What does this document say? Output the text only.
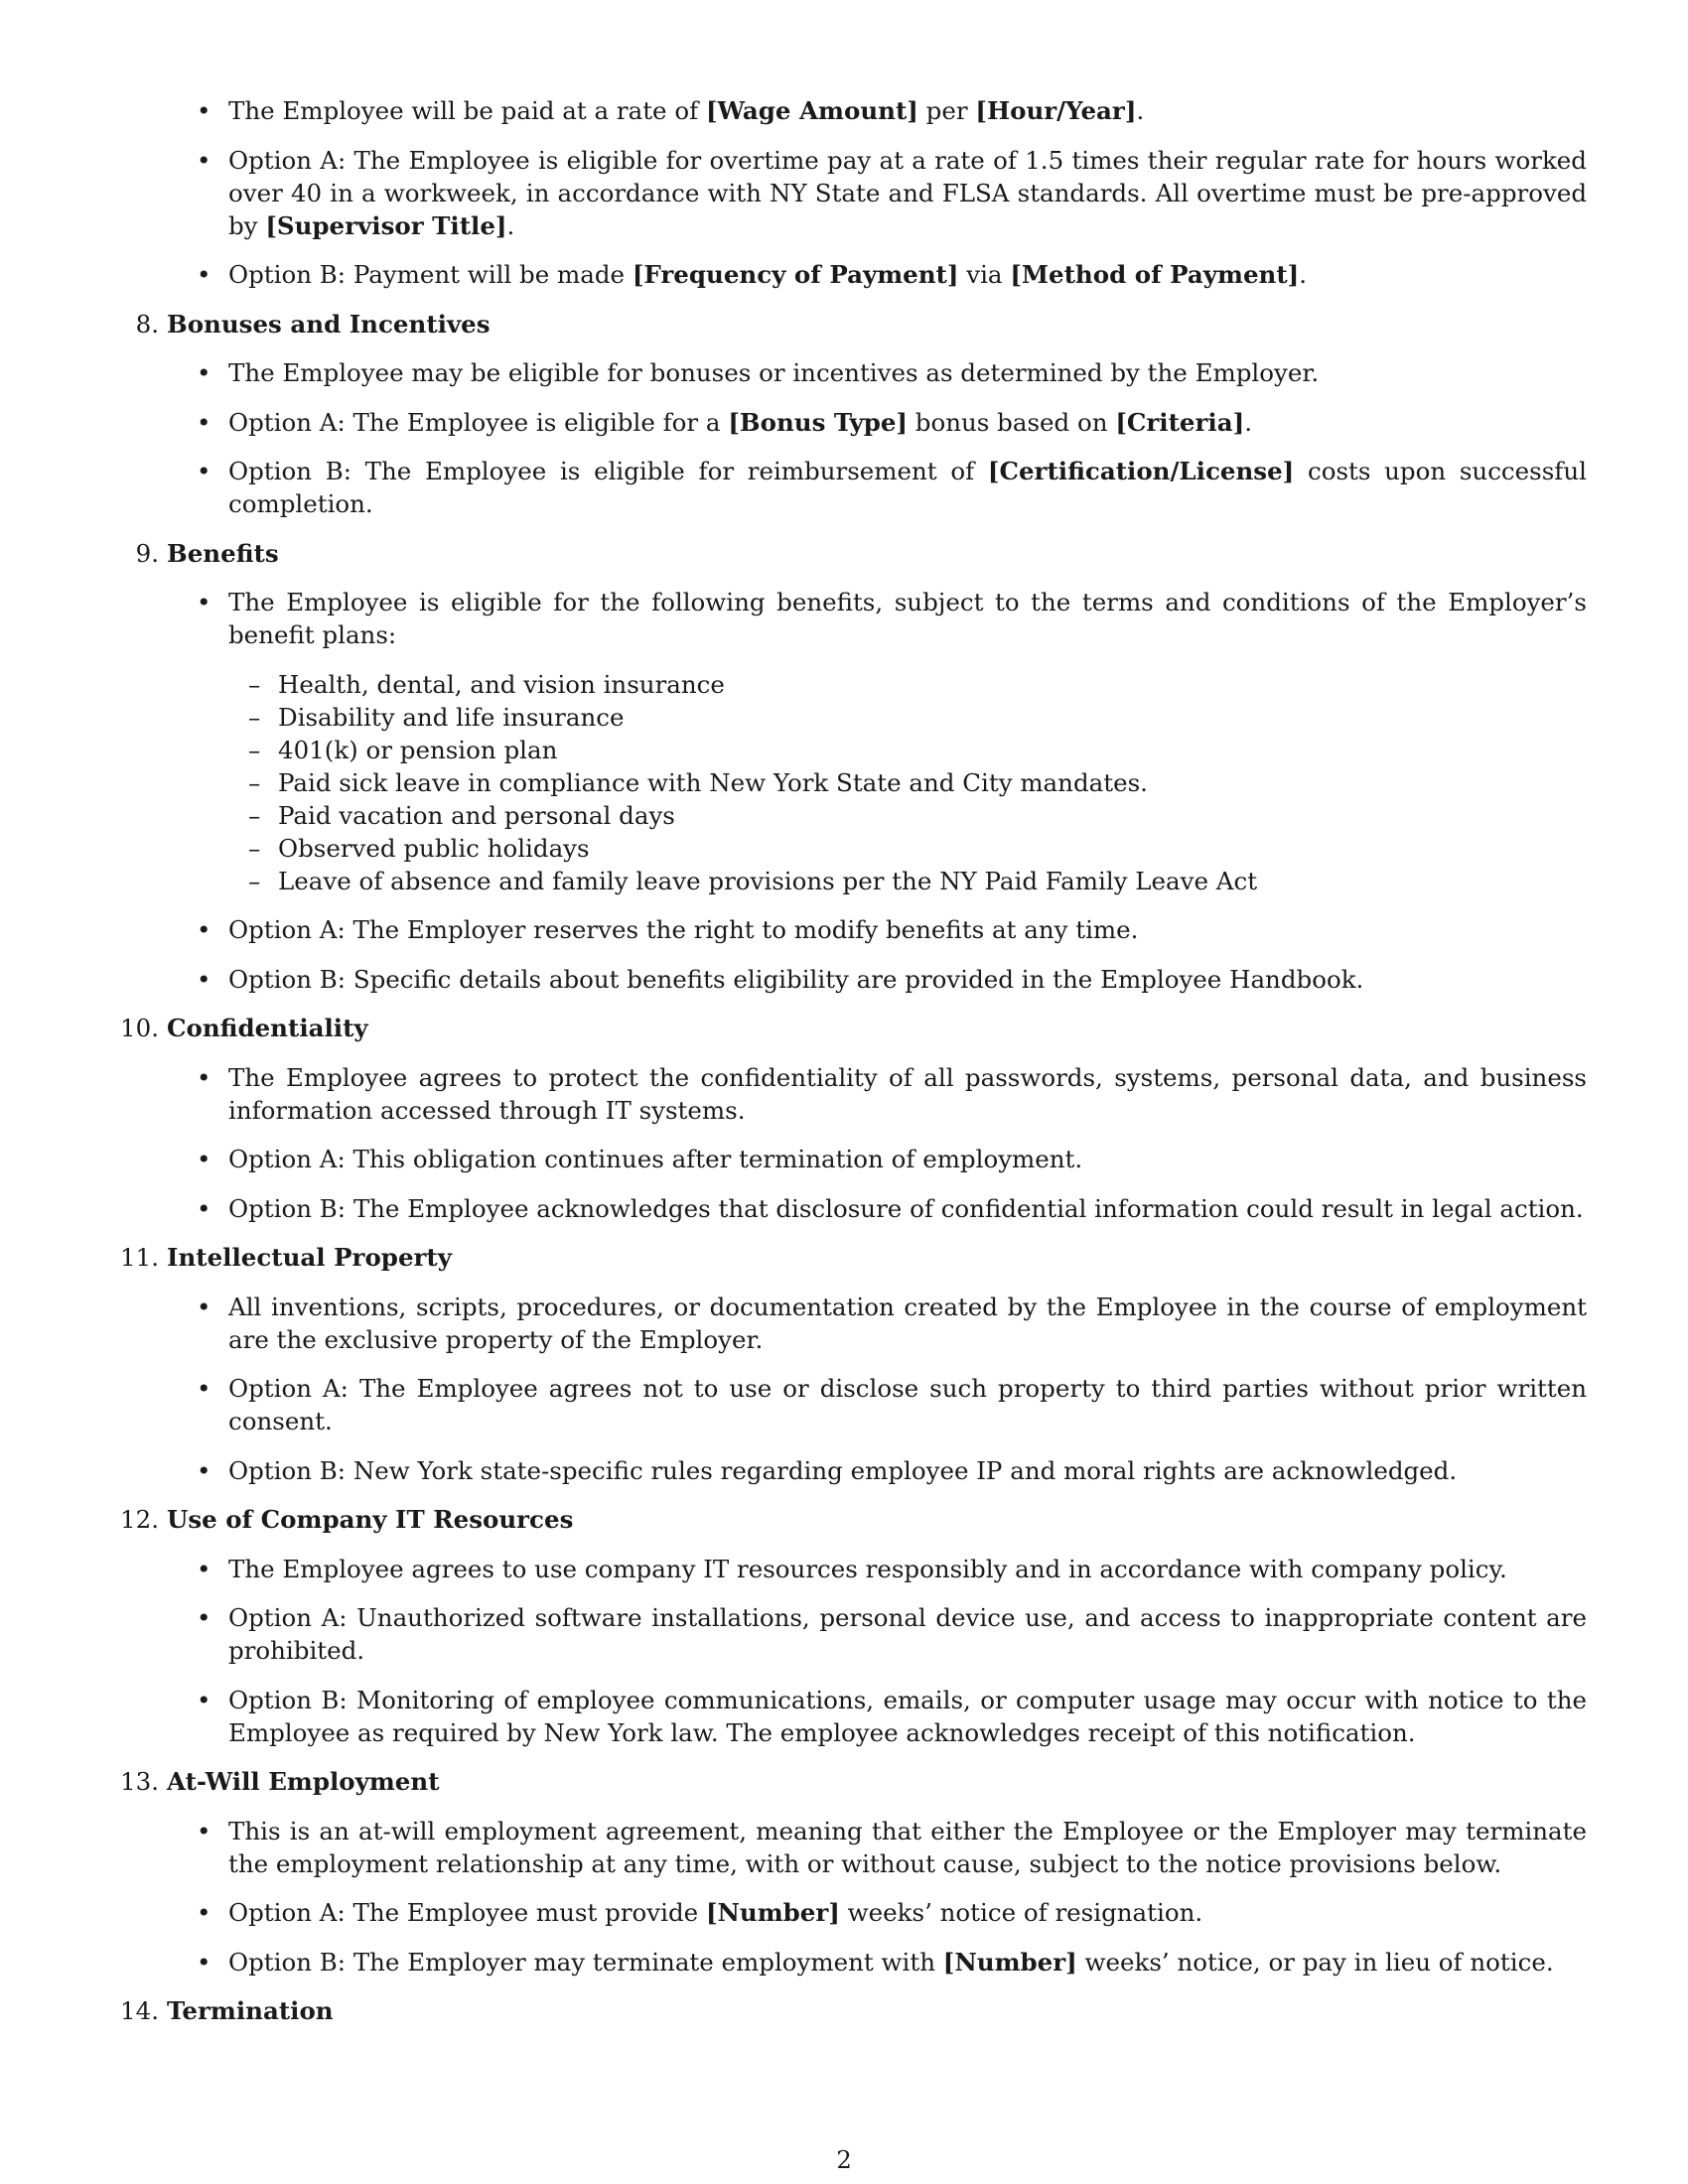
• The Employee will be paid at a rate of [Wage Amount] per [Hour/Year].
• Option A: The Employee is eligible for overtime pay at a rate of 1.5 times their regular rate for hours worked over 40 in a workweek, in accordance with NY State and FLSA standards. All overtime must be pre-approved by [Supervisor Title].
• Option B: Payment will be made [Frequency of Payment] via [Method of Payment].
8. Bonuses and Incentives
• The Employee may be eligible for bonuses or incentives as determined by the Employer.
• Option A: The Employee is eligible for a [Bonus Type] bonus based on [Criteria].
• Option B: The Employee is eligible for reimbursement of [Certification/License] costs upon successful completion.
9. Benefits
• The Employee is eligible for the following benefits, subject to the terms and conditions of the Employer’s benefit plans:
– Health, dental, and vision insurance
– Disability and life insurance
– 401(k) or pension plan
– Paid sick leave in compliance with New York State and City mandates.
– Paid vacation and personal days
– Observed public holidays
– Leave of absence and family leave provisions per the NY Paid Family Leave Act
• Option A: The Employer reserves the right to modify benefits at any time.
• Option B: Specific details about benefits eligibility are provided in the Employee Handbook.
10. Confidentiality
• The Employee agrees to protect the confidentiality of all passwords, systems, personal data, and business information accessed through IT systems.
• Option A: This obligation continues after termination of employment.
• Option B: The Employee acknowledges that disclosure of confidential information could result in legal action.
11. Intellectual Property
• All inventions, scripts, procedures, or documentation created by the Employee in the course of employment are the exclusive property of the Employer.
• Option A: The Employee agrees not to use or disclose such property to third parties without prior written consent.
• Option B: New York state-specific rules regarding employee IP and moral rights are acknowledged.
12. Use of Company IT Resources
• The Employee agrees to use company IT resources responsibly and in accordance with company policy.
• Option A: Unauthorized software installations, personal device use, and access to inappropriate content are prohibited.
• Option B: Monitoring of employee communications, emails, or computer usage may occur with notice to the Employee as required by New York law. The employee acknowledges receipt of this notification.
13. At-Will Employment
• This is an at-will employment agreement, meaning that either the Employee or the Employer may terminate the employment relationship at any time, with or without cause, subject to the notice provisions below.
• Option A: The Employee must provide [Number] weeks’ notice of resignation.
• Option B: The Employer may terminate employment with [Number] weeks’ notice, or pay in lieu of notice.
14. Termination
2
